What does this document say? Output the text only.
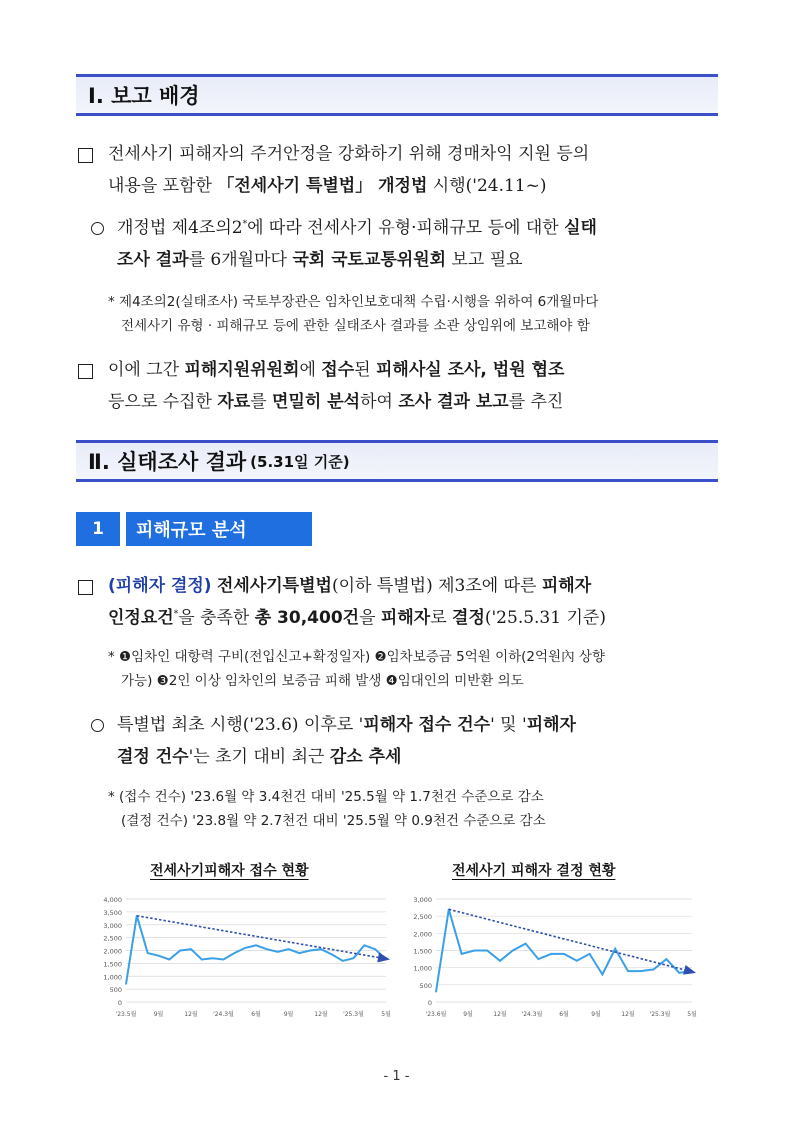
Ⅰ. 보고 배경
전세사기 피해자의 주거안정을 강화하기 위해 경매차익 지원 등의
내용을 포함한 「전세사기 특별법」 개정법 시행('24.11~)
개정법 제4조의2*에 따라 전세사기 유형·피해규모 등에 대한 실태
조사 결과를 6개월마다 국회 국토교통위원회 보고 필요
* 제4조의2(실태조사) 국토부장관은 임차인보호대책 수립·시행을 위하여 6개월마다
전세사기 유형 · 피해규모 등에 관한 실태조사 결과를 소관 상임위에 보고해야 함
이에 그간 피해지원위원회에 접수된 피해사실 조사, 법원 협조
등으로 수집한 자료를 면밀히 분석하여 조사 결과 보고를 추진
Ⅱ. 실태조사 결과 (5.31일 기준)
1	피해규모 분석
(피해자 결정) 전세사기특별법(이하 특별법) 제3조에 따른 피해자
인정요건*을 충족한 총 30,400건을 피해자로 결정('25.5.31 기준)
* ❶임차인 대항력 구비(전입신고+확정일자) ❷임차보증금 5억원 이하(2억원內 상향
가능) ❸2인 이상 임차인의 보증금 피해 발생 ❹임대인의 미반환 의도
특별법 최초 시행('23.6) 이후로 '피해자 접수 건수' 및 '피해자
결정 건수'는 초기 대비 최근 감소 추세
* (접수 건수) '23.6월 약 3.4천건 대비 '25.5월 약 1.7천건 수준으로 감소
(결정 건수) '23.8월 약 2.7천건 대비 '25.5월 약 0.9천건 수준으로 감소
전세사기피해자 접수 현황	전세사기 피해자 결정 현황
4,000
3,500
3,000
2,500
2,000
1,500
1,000
500
0
'23.5월	9월	12월	'24.3월	6월	9월	12월	'25.3월	5월
3,000
2,500
2,000
1,500
1,000
500
0
'23.6월	9월	12월 '24.3월	6월	9월	12월 '25.3월	5월
- 1 -
